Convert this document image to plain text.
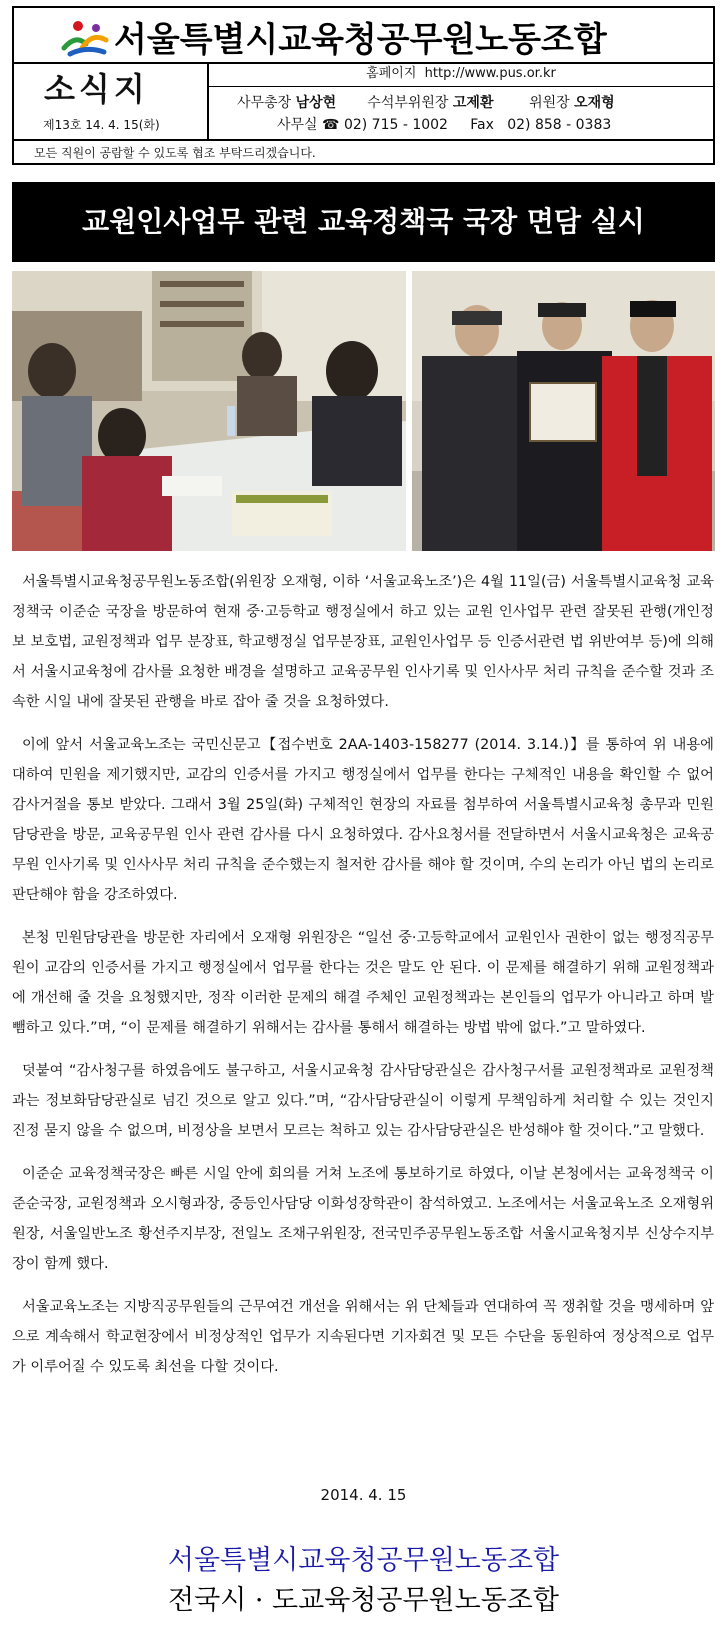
서울특별시교육청공무원노동조합
소식지
제13호 14. 4. 15(화)
홈페이지 http://www.pus.or.kr
사무총장 남상현 수석부위원장 고제환	위원장 오재형
사무실 ☎ 02) 715 - 1002 Fax 02) 858 - 0383
모든 직원이 공람할 수 있도록 협조 부탁드리겠습니다.
교원인사업무 관련 교육정책국 국장 면담 실시

서울특별시교육청공무원노동조합(위원장 오재형, 이하 ‘서울교육노조’)은 4월 11일(금) 서울특별시교육청 교육정책국 이준순 국장을 방문하여 현재 중·고등학교 행정실에서 하고 있는 교원 인사업무 관련 잘못된 관행(개인정보 보호법, 교원정책과 업무 분장표, 학교행정실 업무분장표, 교원인사업무 등 인증서관련 법 위반여부 등)에 의해서 서울시교육청에 감사를 요청한 배경을 설명하고 교육공무원 인사기록 및 인사사무 처리 규칙을 준수할 것과 조속한 시일 내에 잘못된 관행을 바로 잡아 줄 것을 요청하였다.

이에 앞서 서울교육노조는 국민신문고【접수번호 2AA-1403-158277 (2014. 3.14.)】를 통하여 위 내용에 대하여 민원을 제기했지만, 교감의 인증서를 가지고 행정실에서 업무를 한다는 구체적인 내용을 확인할 수 없어 감사거절을 통보 받았다. 그래서 3월 25일(화) 구체적인 현장의 자료를 첨부하여 서울특별시교육청 총무과 민원담당관을 방문, 교육공무원 인사 관련 감사를 다시 요청하였다. 감사요청서를 전달하면서 서울시교육청은 교육공무원 인사기록 및 인사사무 처리 규칙을 준수했는지 철저한 감사를 해야 할 것이며, 수의 논리가 아닌 법의 논리로 판단해야 함을 강조하였다.

본청 민원담당관을 방문한 자리에서 오재형 위원장은 “일선 중·고등학교에서 교원인사 권한이 없는 행정직공무원이 교감의 인증서를 가지고 행정실에서 업무를 한다는 것은 말도 안 된다. 이 문제를 해결하기 위해 교원정책과에 개선해 줄 것을 요청했지만, 정작 이러한 문제의 해결 주체인 교원정책과는 본인들의 업무가 아니라고 하며 발뺌하고 있다.”며, “이 문제를 해결하기 위해서는 감사를 통해서 해결하는 방법 밖에 없다.”고 말하였다.

덧붙여 “감사청구를 하였음에도 불구하고, 서울시교육청 감사담당관실은 감사청구서를 교원정책과로 교원정책과는 정보화담당관실로 넘긴 것으로 알고 있다.”며, “감사담당관실이 이렇게 무책임하게 처리할 수 있는 것인지 진정 묻지 않을 수 없으며, 비정상을 보면서 모르는 척하고 있는 감사담당관실은 반성해야 할 것이다.”고 말했다.

이준순 교육정책국장은 빠른 시일 안에 회의를 거쳐 노조에 통보하기로 하였다, 이날 본청에서는 교육정책국 이준순국장, 교원정책과 오시형과장, 중등인사담당 이화성장학관이 참석하였고. 노조에서는 서울교육노조 오재형위원장, 서울일반노조 황선주지부장, 전일노 조채구위원장, 전국민주공무원노동조합 서울시교육청지부 신상수지부장이 함께 했다.

서울교육노조는 지방직공무원들의 근무여건 개선을 위해서는 위 단체들과 연대하여 꼭 쟁취할 것을 맹세하며 앞으로 계속해서 학교현장에서 비정상적인 업무가 지속된다면 기자회견 및 모든 수단을 동원하여 정상적으로 업무가 이루어질 수 있도록 최선을 다할 것이다.

2014. 4. 15
서울특별시교육청공무원노동조합
전국시 · 도교육청공무원노동조합
